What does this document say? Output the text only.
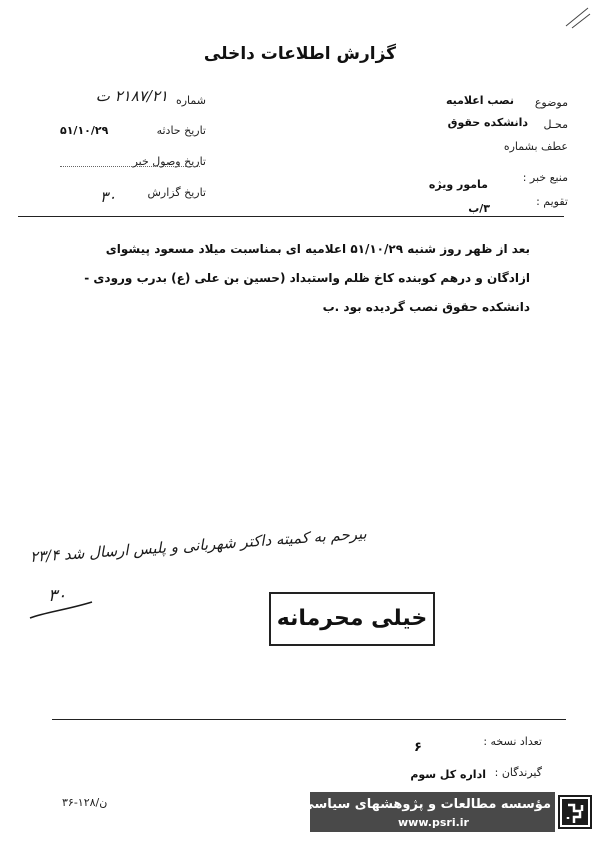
گزارش اطلاعات داخلی
موضوع
نصب اعلامیه
محـل
دانشکده حقوق
عطف بشماره
منبع خبر :
مامور ویژه
تقویم :
۳/ب
شماره
۲۱۸۷/۲۱ ت
تاریخ حادثه
۵۱/۱۰/۲۹
تاریخ وصول خبر
تاریخ گزارش
۳۰
بعد از ظهر روز شنبه ۵۱/۱۰/۲۹ اعلامیه ای بمناسبت میلاد مسعود پیشوای
ازادگان و درهم کوبنده کاخ ظلم واستبداد (حسین بن علی (ع) بدرب ورودی -
دانشکده حقوق نصب گردیده بود .ب
بیرحم به کمیته داکتر شهربانی و پلیس ارسال شد ۲۳/۴
۳۰
خیلی محرمانه
تعداد نسخه :
۶
گیرندگان :
اداره کل سوم
۳۶-۱۲۸/ن	مؤسسه مطالعات و پژوهشهای سیاسی
www.psri.ir
